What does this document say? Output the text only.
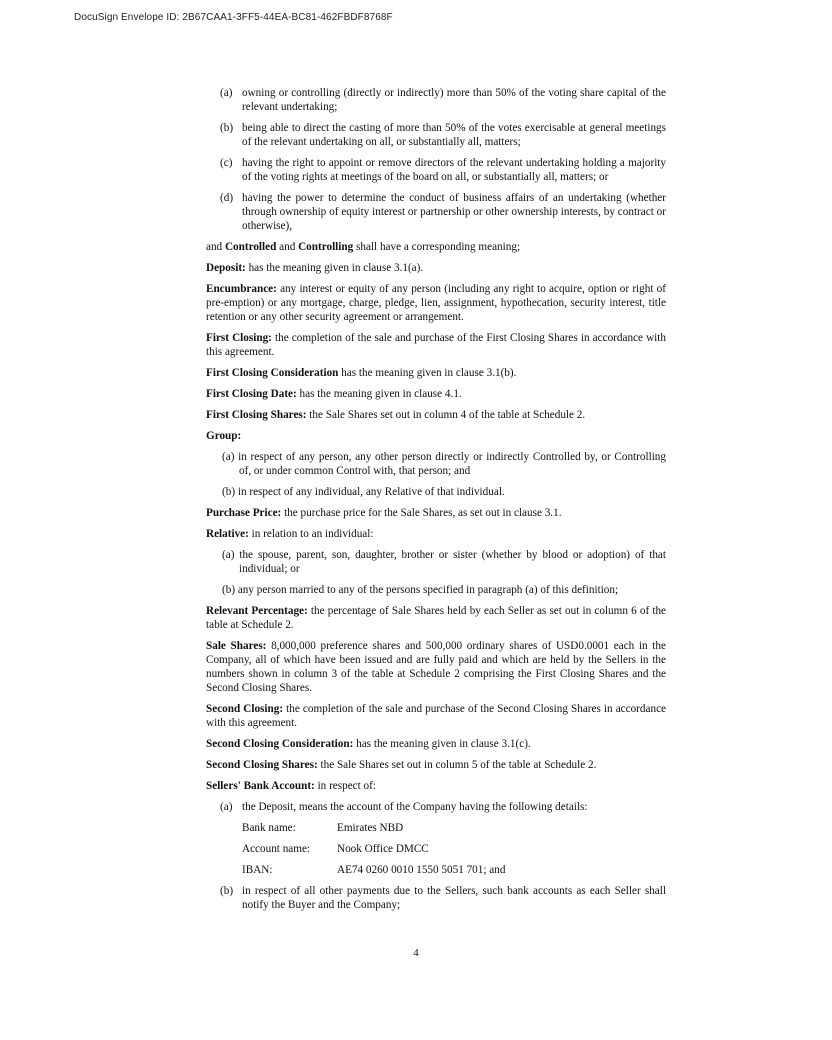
DocuSign Envelope ID: 2B67CAA1-3FF5-44EA-BC81-462FBDF8768F
(a) owning or controlling (directly or indirectly) more than 50% of the voting share capital of the relevant undertaking;
(b) being able to direct the casting of more than 50% of the votes exercisable at general meetings of the relevant undertaking on all, or substantially all, matters;
(c) having the right to appoint or remove directors of the relevant undertaking holding a majority of the voting rights at meetings of the board on all, or substantially all, matters; or
(d) having the power to determine the conduct of business affairs of an undertaking (whether through ownership of equity interest or partnership or other ownership interests, by contract or otherwise),

and Controlled and Controlling shall have a corresponding meaning;

Deposit: has the meaning given in clause 3.1(a).

Encumbrance: any interest or equity of any person (including any right to acquire, option or right of pre-emption) or any mortgage, charge, pledge, lien, assignment, hypothecation, security interest, title retention or any other security agreement or arrangement.

First Closing: the completion of the sale and purchase of the First Closing Shares in accordance with this agreement.

First Closing Consideration has the meaning given in clause 3.1(b).

First Closing Date: has the meaning given in clause 4.1.

First Closing Shares: the Sale Shares set out in column 4 of the table at Schedule 2.

Group:

(a) in respect of any person, any other person directly or indirectly Controlled by, or Controlling of, or under common Control with, that person; and
(b) in respect of any individual, any Relative of that individual.

Purchase Price: the purchase price for the Sale Shares, as set out in clause 3.1.

Relative: in relation to an individual:

(a) the spouse, parent, son, daughter, brother or sister (whether by blood or adoption) of that individual; or
(b) any person married to any of the persons specified in paragraph (a) of this definition;

Relevant Percentage: the percentage of Sale Shares held by each Seller as set out in column 6 of the table at Schedule 2.

Sale Shares: 8,000,000 preference shares and 500,000 ordinary shares of USD0.0001 each in the Company, all of which have been issued and are fully paid and which are held by the Sellers in the numbers shown in column 3 of the table at Schedule 2 comprising the First Closing Shares and the Second Closing Shares.

Second Closing: the completion of the sale and purchase of the Second Closing Shares in accordance with this agreement.

Second Closing Consideration: has the meaning given in clause 3.1(c).

Second Closing Shares: the Sale Shares set out in column 5 of the table at Schedule 2.

Sellers' Bank Account: in respect of:

(a) the Deposit, means the account of the Company having the following details:
Bank name:	Emirates NBD
Account name:	Nook Office DMCC
IBAN:	AE74 0260 0010 1550 5051 701; and
(b) in respect of all other payments due to the Sellers, such bank accounts as each Seller shall notify the Buyer and the Company;
4
